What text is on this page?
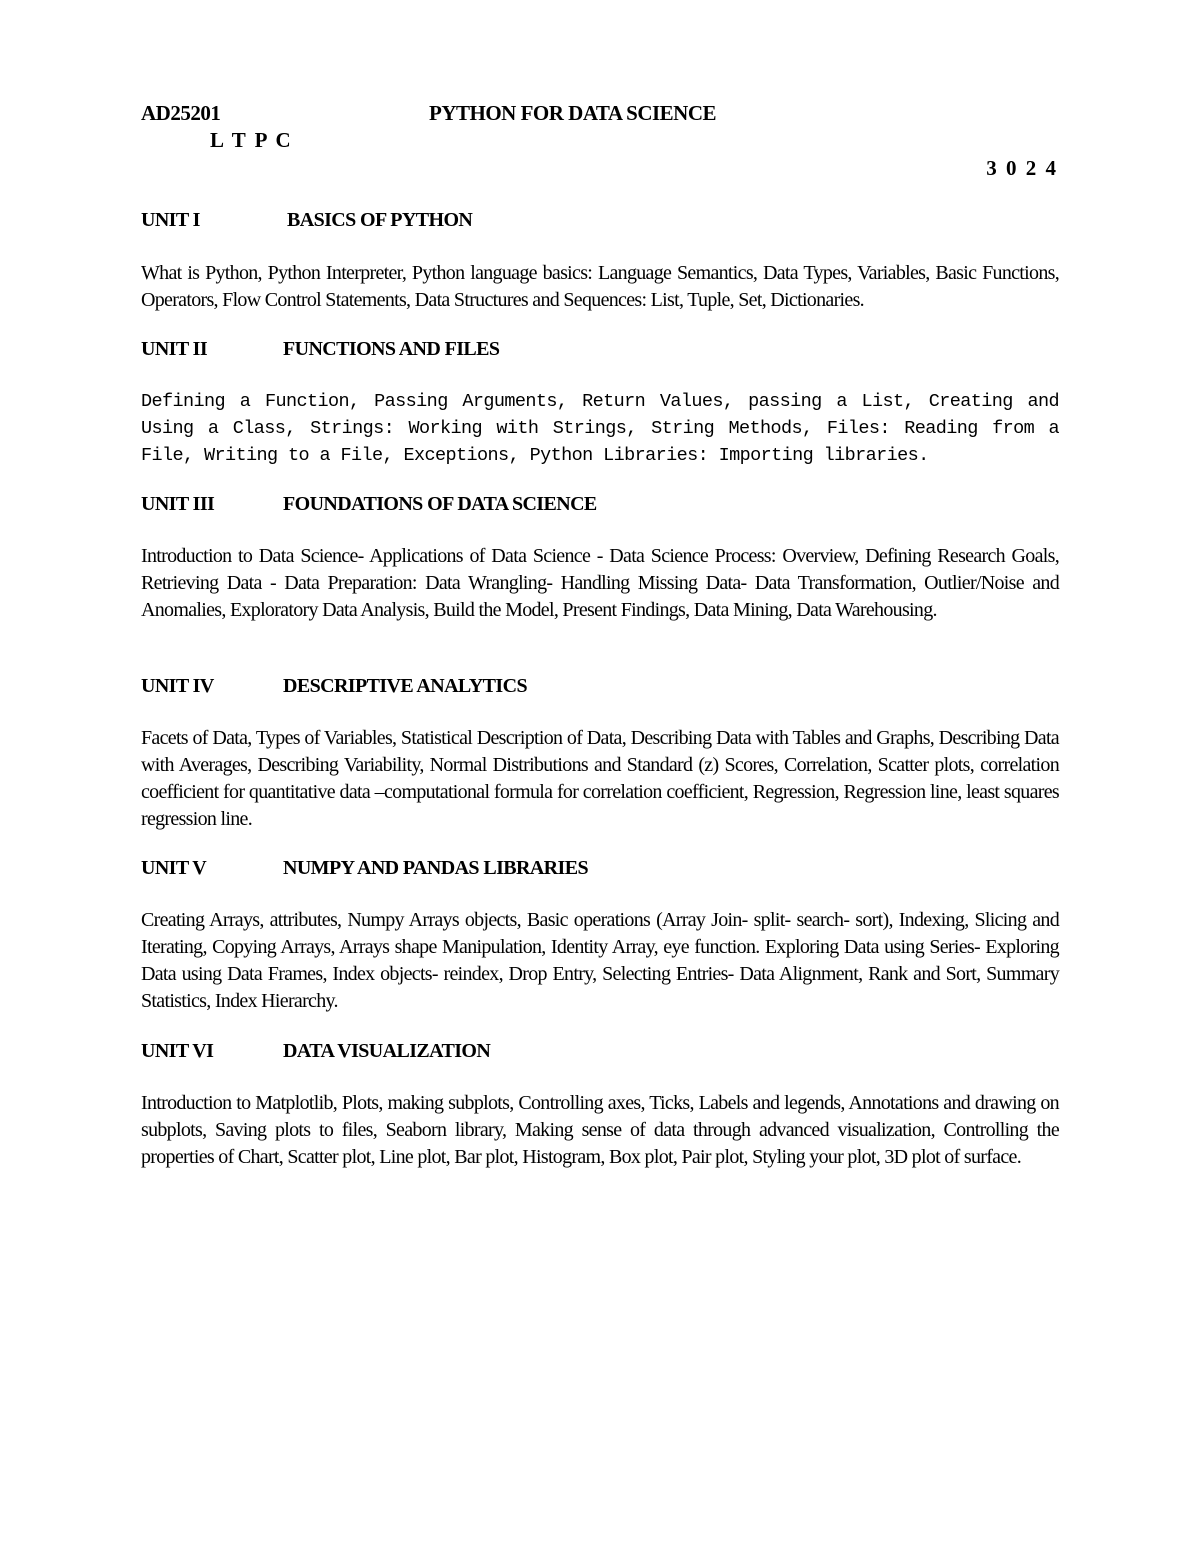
AD25201	PYTHON FOR DATA SCIENCE
L T P C
3 0 2 4
UNIT I	BASICS OF PYTHON
What is Python, Python Interpreter, Python language basics: Language Semantics, Data Types, Variables, Basic Functions, Operators, Flow Control Statements, Data Structures and Sequences: List, Tuple, Set, Dictionaries.
UNIT II	FUNCTIONS AND FILES
Defining a Function, Passing Arguments, Return Values, passing a List, Creating and Using a Class, Strings: Working with Strings, String Methods, Files: Reading from a File, Writing to a File, Exceptions, Python Libraries: Importing libraries.
UNIT III	FOUNDATIONS OF DATA SCIENCE
Introduction to Data Science- Applications of Data Science - Data Science Process: Overview, Defining Research Goals, Retrieving Data - Data Preparation: Data Wrangling- Handling Missing Data- Data Transformation, Outlier/Noise and Anomalies, Exploratory Data Analysis, Build the Model, Present Findings, Data Mining, Data Warehousing.
UNIT IV	DESCRIPTIVE ANALYTICS
Facets of Data, Types of Variables, Statistical Description of Data, Describing Data with Tables and Graphs, Describing Data with Averages, Describing Variability, Normal Distributions and Standard (z) Scores, Correlation, Scatter plots, correlation coefficient for quantitative data –computational formula for correlation coefficient, Regression, Regression line, least squares regression line.
UNIT V	NUMPY AND PANDAS LIBRARIES
Creating Arrays, attributes, Numpy Arrays objects, Basic operations (Array Join- split- search- sort), Indexing, Slicing and Iterating, Copying Arrays, Arrays shape Manipulation, Identity Array, eye function. Exploring Data using Series- Exploring Data using Data Frames, Index objects- reindex, Drop Entry, Selecting Entries- Data Alignment, Rank and Sort, Summary Statistics, Index Hierarchy.
UNIT VI	DATA VISUALIZATION
Introduction to Matplotlib, Plots, making subplots, Controlling axes, Ticks, Labels and legends, Annotations and drawing on subplots, Saving plots to files, Seaborn library, Making sense of data through advanced visualization, Controlling the properties of Chart, Scatter plot, Line plot, Bar plot, Histogram, Box plot, Pair plot, Styling your plot, 3D plot of surface.
